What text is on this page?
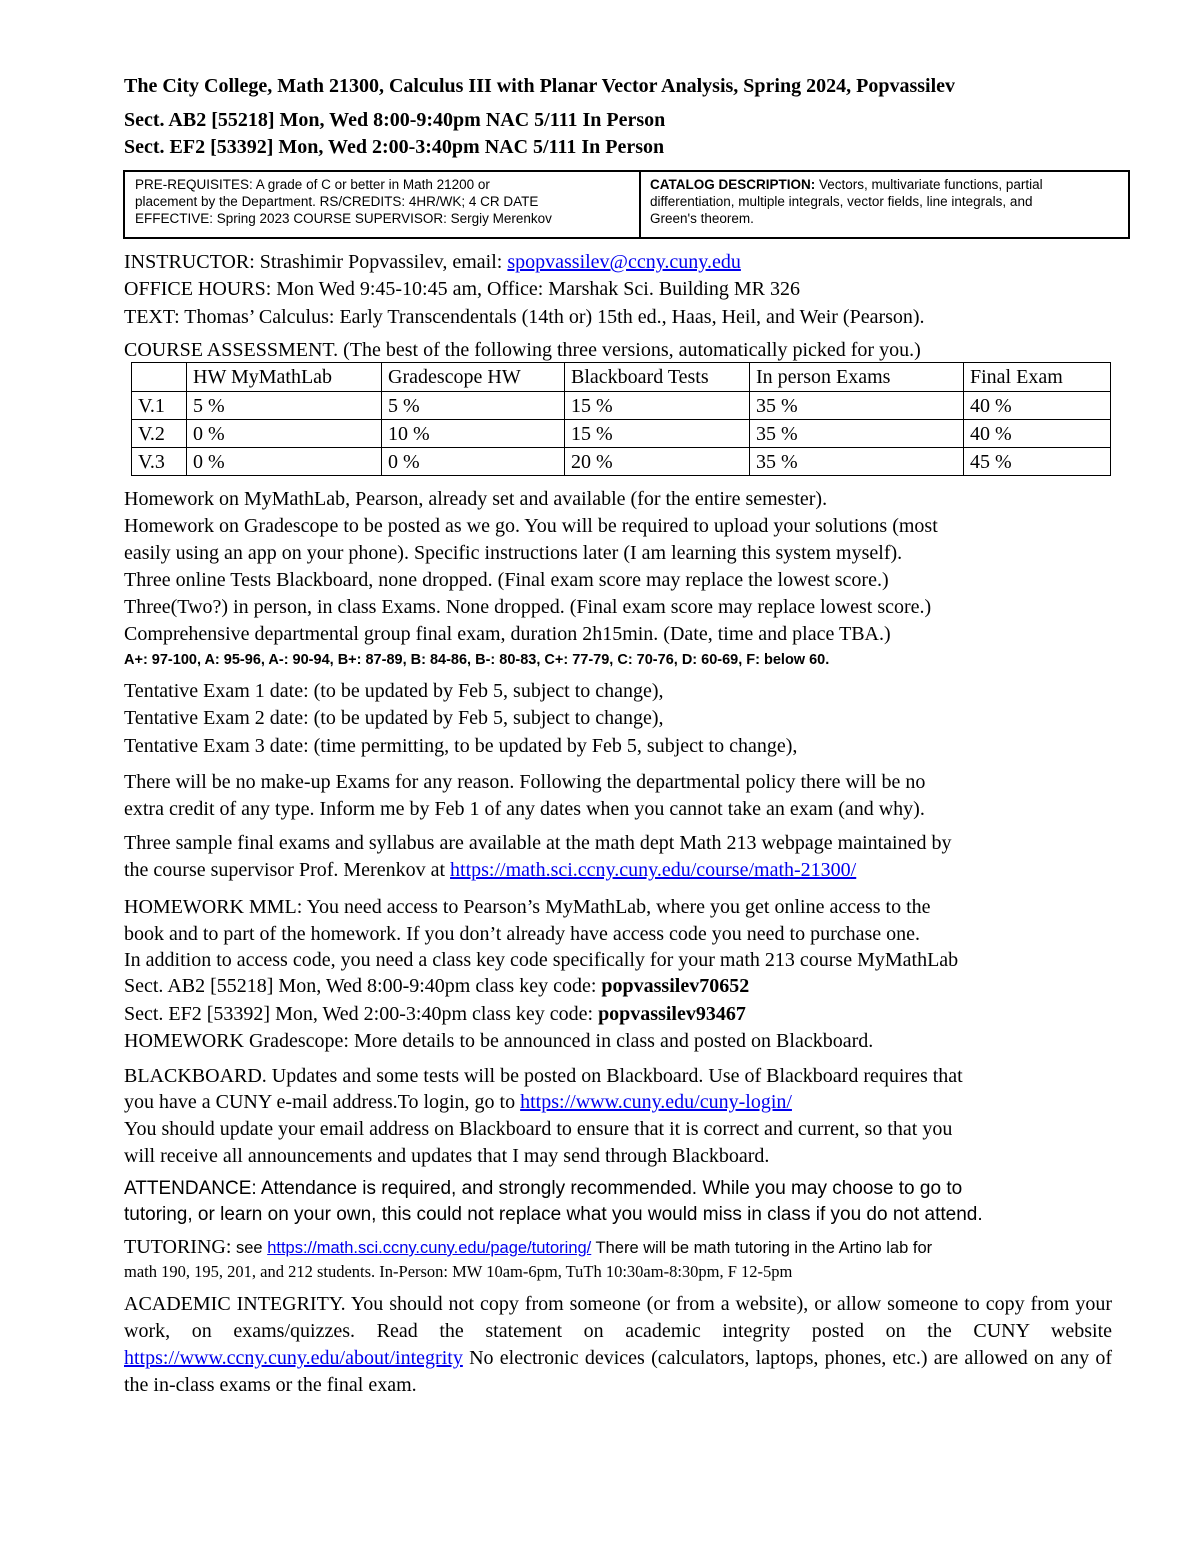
The City College, Math 21300, Calculus III with Planar Vector Analysis, Spring 2024, Popvassilev
Sect. AB2 [55218] Mon, Wed 8:00-9:40pm NAC 5/111 In Person
Sect. EF2 [53392] Mon, Wed 2:00-3:40pm NAC 5/111 In Person
PRE-REQUISITES: A grade of C or better in Math 21200 or
placement by the Department. RS/CREDITS: 4HR/WK; 4 CR DATE
EFFECTIVE: Spring 2023 COURSE SUPERVISOR: Sergiy Merenkov
CATALOG DESCRIPTION: Vectors, multivariate functions, partial
differentiation, multiple integrals, vector fields, line integrals, and
Green's theorem.
INSTRUCTOR: Strashimir Popvassilev, email: spopvassilev@ccny.cuny.edu
OFFICE HOURS: Mon Wed 9:45-10:45 am, Office: Marshak Sci. Building MR 326
TEXT: Thomas’ Calculus: Early Transcendentals (14th or) 15th ed., Haas, Heil, and Weir (Pearson).
COURSE ASSESSMENT. (The best of the following three versions, automatically picked for you.)
	HW MyMathLab	Gradescope HW	Blackboard Tests	In person Exams	Final Exam
V.1	5 %	5 %	15 %	35 %	40 %
V.2	0 %	10 %	15 %	35 %	40 %
V.3	0 %	0 %	20 %	35 %	45 %
Homework on MyMathLab, Pearson, already set and available (for the entire semester).
Homework on Gradescope to be posted as we go. You will be required to upload your solutions (most
easily using an app on your phone). Specific instructions later (I am learning this system myself).
Three online Tests Blackboard, none dropped. (Final exam score may replace the lowest score.)
Three(Two?) in person, in class Exams. None dropped. (Final exam score may replace lowest score.)
Comprehensive departmental group final exam, duration 2h15min. (Date, time and place TBA.)
A+: 97-100, A: 95-96, A-: 90-94, B+: 87-89, B: 84-86, B-: 80-83, C+: 77-79, C: 70-76, D: 60-69, F: below 60.
Tentative Exam 1 date: (to be updated by Feb 5, subject to change),
Tentative Exam 2 date: (to be updated by Feb 5, subject to change),
Tentative Exam 3 date: (time permitting, to be updated by Feb 5, subject to change),
There will be no make-up Exams for any reason. Following the departmental policy there will be no
extra credit of any type. Inform me by Feb 1 of any dates when you cannot take an exam (and why).
Three sample final exams and syllabus are available at the math dept Math 213 webpage maintained by
the course supervisor Prof. Merenkov at https://math.sci.ccny.cuny.edu/course/math-21300/
HOMEWORK MML: You need access to Pearson’s MyMathLab, where you get online access to the
book and to part of the homework. If you don’t already have access code you need to purchase one.
In addition to access code, you need a class key code specifically for your math 213 course MyMathLab
Sect. AB2 [55218] Mon, Wed 8:00-9:40pm class key code: popvassilev70652
Sect. EF2 [53392] Mon, Wed 2:00-3:40pm class key code: popvassilev93467
HOMEWORK Gradescope: More details to be announced in class and posted on Blackboard.
BLACKBOARD. Updates and some tests will be posted on Blackboard. Use of Blackboard requires that
you have a CUNY e-mail address.To login, go to https://www.cuny.edu/cuny-login/
You should update your email address on Blackboard to ensure that it is correct and current, so that you
will receive all announcements and updates that I may send through Blackboard.
ATTENDANCE: Attendance is required, and strongly recommended. While you may choose to go to
tutoring, or learn on your own, this could not replace what you would miss in class if you do not attend.
TUTORING: see https://math.sci.ccny.cuny.edu/page/tutoring/ There will be math tutoring in the Artino lab for
math 190, 195, 201, and 212 students. In-Person: MW 10am-6pm, TuTh 10:30am-8:30pm, F 12-5pm
ACADEMIC INTEGRITY. You should not copy from someone (or from a website), or allow someone to copy from your work, on exams/quizzes. Read the statement on academic integrity posted on the CUNY website https://www.ccny.cuny.edu/about/integrity No electronic devices (calculators, laptops, phones, etc.) are allowed on any of the in-class exams or the final exam.
